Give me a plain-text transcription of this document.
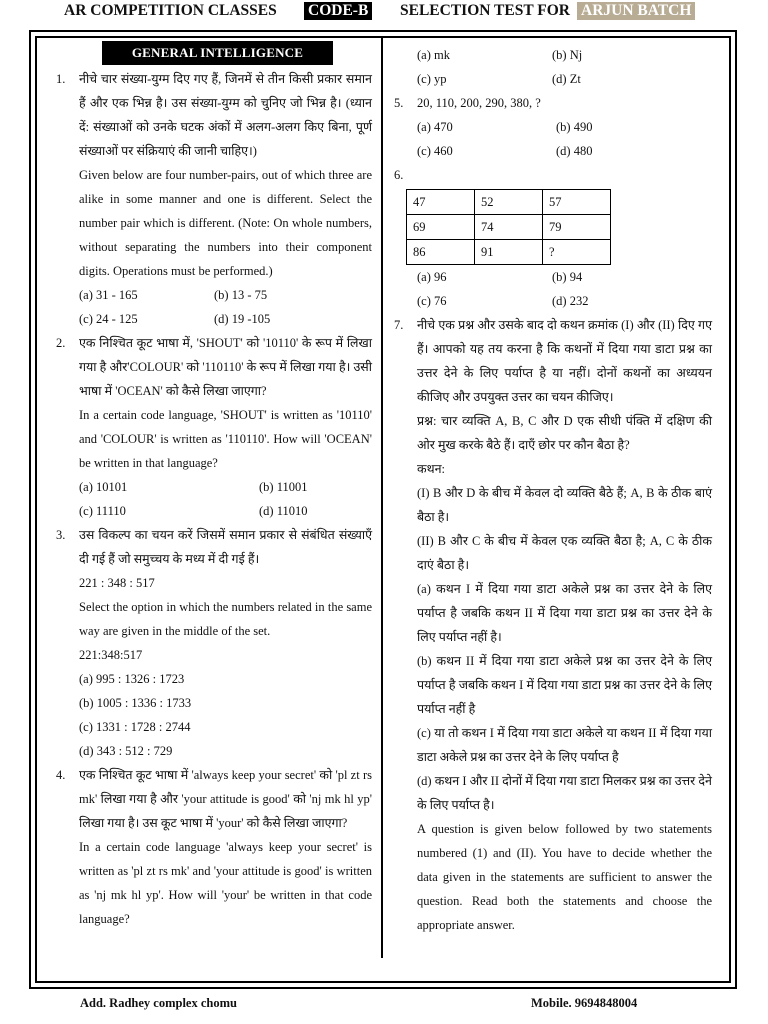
AR COMPETITION CLASSES CODE-B SELECTION TEST FOR ARJUN BATCH
GENERAL INTELLIGENCE
1.	नीचे चार संख्या-युग्म दिए गए हैं, जिनमें से तीन किसी प्रकार समान हैं और एक भिन्न है। उस संख्या-युग्म को चुनिए जो भिन्न है। (ध्यान दें: संख्याओं को उनके घटक अंकों में अलग-अलग किए बिना, पूर्ण संख्याओं पर संक्रियाएं की जानी चाहिए।)

Given below are four number-pairs, out of which three are alike in some manner and one is different. Select the number pair which is different. (Note: On whole numbers, without separating the numbers into their component digits. Operations must be performed.)

(a) 31 - 165	(b) 13 - 75
(c) 24 - 125	(d) 19 -105
2.	एक निश्चित कूट भाषा में, 'SHOUT' को '10110' के रूप में लिखा गया है और'COLOUR' को '110110' के रूप में लिखा गया है। उसी भाषा में 'OCEAN' को कैसे लिखा जाएगा?

In a certain code language, 'SHOUT' is written as '10110' and 'COLOUR' is written as '110110'. How will 'OCEAN' be written in that language?

(a) 10101	(b) 11001
(c) 11110	(d) 11010
3.	उस विकल्प का चयन करें जिसमें समान प्रकार से संबंधित संख्याएँ दी गई हैं जो समुच्चय के मध्य में दी गई हैं।

221 : 348 : 517

Select the option in which the numbers related in the same way are given in the middle of the set.

221:348:517
(a) 995 : 1326 : 1723
(b) 1005 : 1336 : 1733
(c) 1331 : 1728 : 2744
(d) 343 : 512 : 729
4.	एक निश्चित कूट भाषा में 'always keep your secret' को 'pl zt rs mk' लिखा गया है और 'your attitude is good' को 'nj mk hl yp' लिखा गया है। उस कूट भाषा में 'your' को कैसे लिखा जाएगा?

In a certain code language 'always keep your secret' is written as 'pl zt rs mk' and 'your attitude is good' is written as 'nj mk hl yp'. How will 'your' be written in that code language?

(a) mk	(b) Nj
(c) yp	(d) Zt
5.	20, 110, 200, 290, 380, ?
(a) 470	(b) 490
(c) 460	(d) 480
6.
47	52	57
69	74	79
86	91	?
(a) 96	(b) 94
(c) 76	(d) 232
7.	नीचे एक प्रश्न और उसके बाद दो कथन क्रमांक (I) और (II) दिए गए हैं। आपको यह तय करना है कि कथनों में दिया गया डाटा प्रश्न का उत्तर देने के लिए पर्याप्त है या नहीं। दोनों कथनों का अध्ययन कीजिए और उपयुक्त उत्तर का चयन कीजिए।

प्रश्न: चार व्यक्ति A, B, C और D एक सीधी पंक्ति में दक्षिण की ओर मुख करके बैठे हैं। दाएँ छोर पर कौन बैठा है?

कथन:

(I) B और D के बीच में केवल दो व्यक्ति बैठे हैं; A, B के ठीक बाएं बैठा है।

(II) B और C के बीच में केवल एक व्यक्ति बैठा है; A, C के ठीक दाएं बैठा है।

(a) कथन I में दिया गया डाटा अकेले प्रश्न का उत्तर देने के लिए पर्याप्त है जबकि कथन II में दिया गया डाटा प्रश्न का उत्तर देने के लिए पर्याप्त नहीं है।

(b) कथन II में दिया गया डाटा अकेले प्रश्न का उत्तर देने के लिए पर्याप्त है जबकि कथन I में दिया गया डाटा प्रश्न का उत्तर देने के लिए पर्याप्त नहीं है

(c) या तो कथन I में दिया गया डाटा अकेले या कथन II में दिया गया डाटा अकेले प्रश्न का उत्तर देने के लिए पर्याप्त है

(d) कथन I और II दोनों में दिया गया डाटा मिलकर प्रश्न का उत्तर देने के लिए पर्याप्त है।

A question is given below followed by two statements numbered (1) and (II). You have to decide whether the data given in the statements are sufficient to answer the question. Read both the statements and choose the appropriate answer.

Add. Radhey complex chomu	Mobile. 9694848004
